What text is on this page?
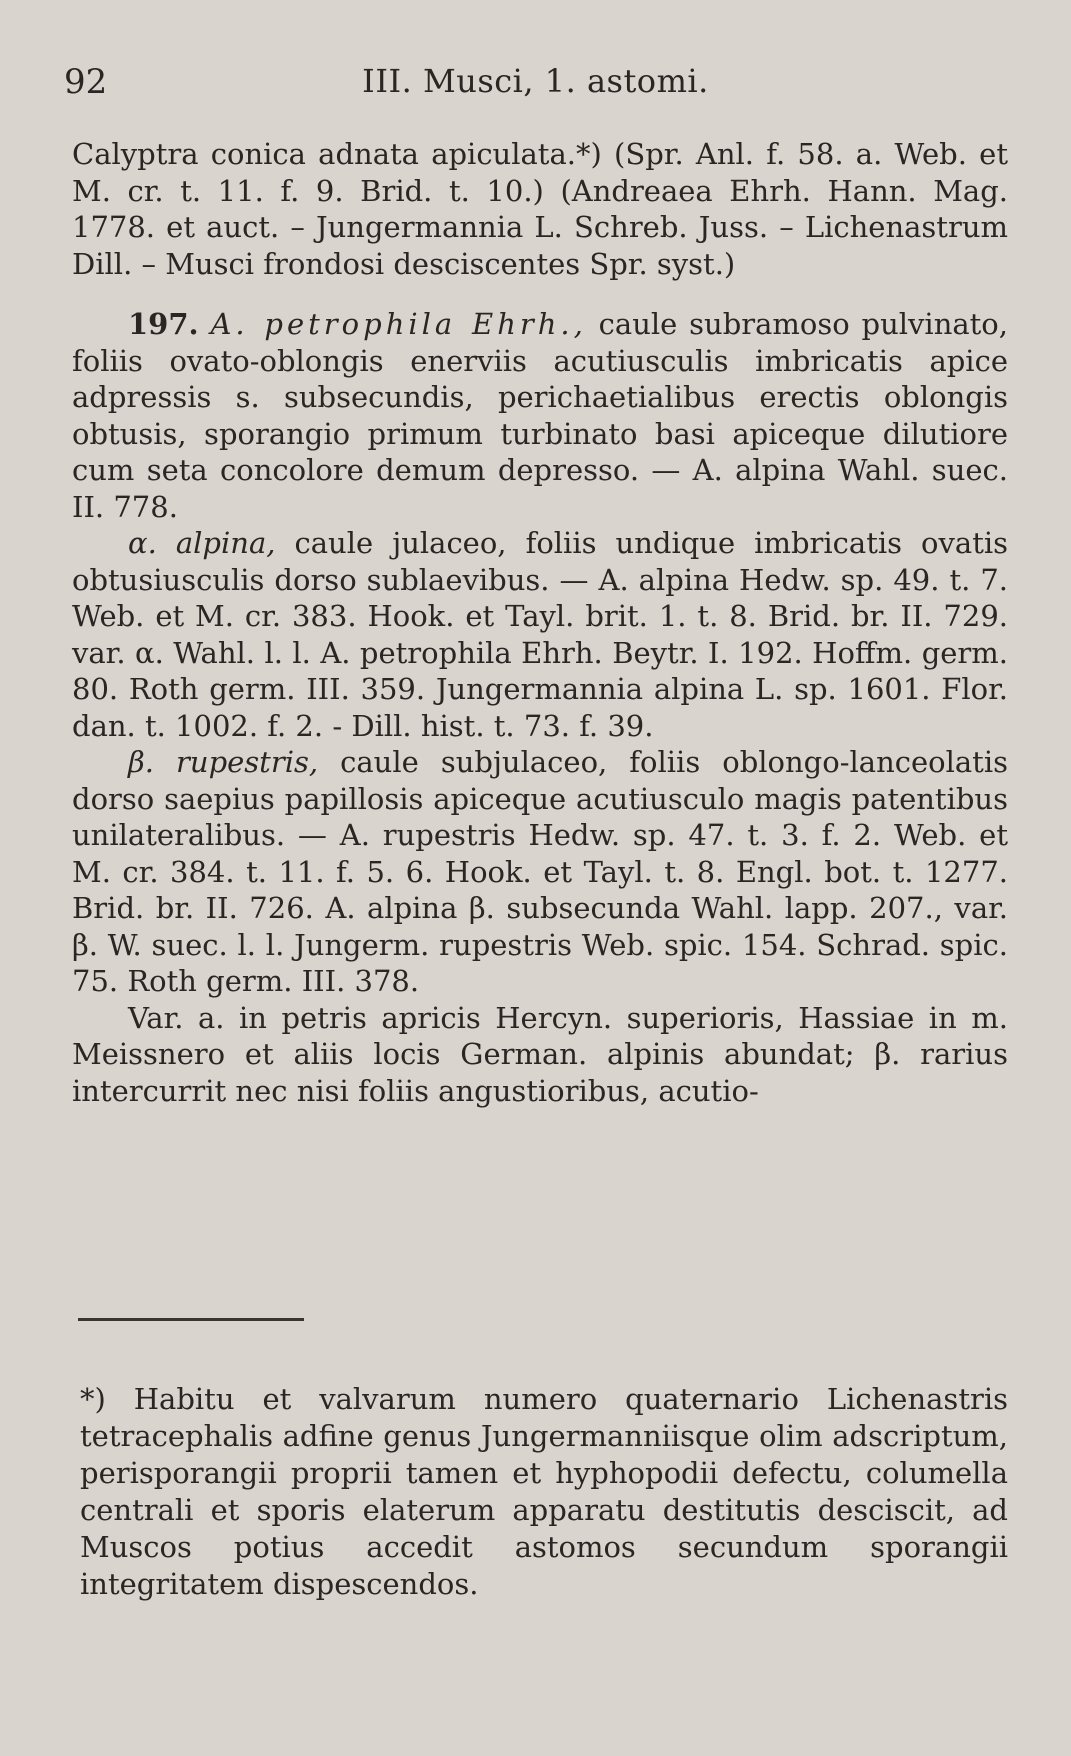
92	III. Musci, 1. astomi.

Calyptra conica adnata apiculata.*) (Spr. Anl. f. 58. a. Web. et M. cr. t. 11. f. 9. Brid. t. 10.) (Andreaea Ehrh. Hann. Mag. 1778. et auct. – Jungermannia L. Schreb. Juss. – Lichenastrum Dill. – Musci frondosi desciscentes Spr. syst.)

197. A. petrophila Ehrh., caule subramoso pulvinato, foliis ovato-oblongis enerviis acutiusculis imbricatis apice adpressis s. subsecundis, perichaetialibus erectis oblongis obtusis, sporangio primum turbinato basi apiceque dilutiore cum seta concolore demum depresso. — A. alpina Wahl. suec. II. 778.

α. alpina, caule julaceo, foliis undique imbricatis ovatis obtusiusculis dorso sublaevibus. — A. alpina Hedw. sp. 49. t. 7. Web. et M. cr. 383. Hook. et Tayl. brit. 1. t. 8. Brid. br. II. 729. var. α. Wahl. l. l. A. petrophila Ehrh. Beytr. I. 192. Hoffm. germ. 80. Roth germ. III. 359. Jungermannia alpina L. sp. 1601. Flor. dan. t. 1002. f. 2. - Dill. hist. t. 73. f. 39.

β. rupestris, caule subjulaceo, foliis oblongo-lanceolatis dorso saepius papillosis apiceque acutiusculo magis patentibus unilateralibus. — A. rupestris Hedw. sp. 47. t. 3. f. 2. Web. et M. cr. 384. t. 11. f. 5. 6. Hook. et Tayl. t. 8. Engl. bot. t. 1277. Brid. br. II. 726. A. alpina β. subsecunda Wahl. lapp. 207., var. β. W. suec. l. l. Jungerm. rupestris Web. spic. 154. Schrad. spic. 75. Roth germ. III. 378.

Var. a. in petris apricis Hercyn. superioris, Hassiae in m. Meissnero et aliis locis German. alpinis abundat; β. rarius intercurrit nec nisi foliis angustioribus, acutio-

*) Habitu et valvarum numero quaternario Lichenastris tetracephalis adfine genus Jungermanniisque olim adscriptum, perisporangii proprii tamen et hyphopodii defectu, columella centrali et sporis elaterum apparatu destitutis desciscit, ad Muscos potius accedit astomos secundum sporangii integritatem dispescendos.
